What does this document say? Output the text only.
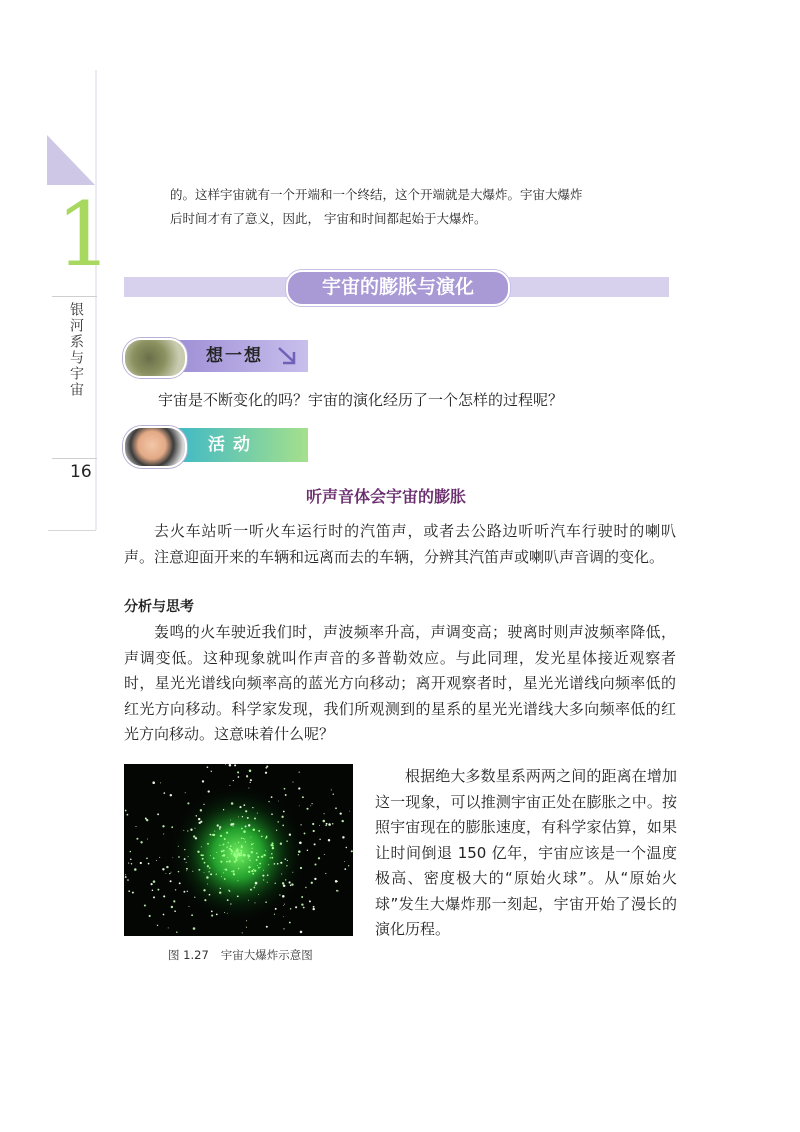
1
银河系与宇宙
16

的。这样宇宙就有一个开端和一个终结，这个开端就是大爆炸。宇宙大爆炸

后时间才有了意义，因此， 宇宙和时间都起始于大爆炸。

宇宙的膨胀与演化
想一想
宇宙是不断变化的吗？宇宙的演化经历了一个怎样的过程呢？
活动
听声音体会宇宙的膨胀
去火车站听一听火车运行时的汽笛声，或者去公路边听听汽车行驶时的喇叭声。注意迎面开来的车辆和远离而去的车辆，分辨其汽笛声或喇叭声音调的变化。
分析与思考
轰鸣的火车驶近我们时，声波频率升高，声调变高；驶离时则声波频率降低，声调变低。这种现象就叫作声音的多普勒效应。与此同理，发光星体接近观察者时，星光光谱线向频率高的蓝光方向移动；离开观察者时，星光光谱线向频率低的红光方向移动。科学家发现，我们所观测到的星系的星光光谱线大多向频率低的红光方向移动。这意味着什么呢？
图 1.27 宇宙大爆炸示意图
根据绝大多数星系两两之间的距离在增加这一现象，可以推测宇宙正处在膨胀之中。按照宇宙现在的膨胀速度，有科学家估算，如果让时间倒退 150 亿年，宇宙应该是一个温度极高、密度极大的“原始火球”。从“原始火球”发生大爆炸那一刻起，宇宙开始了漫长的演化历程。
